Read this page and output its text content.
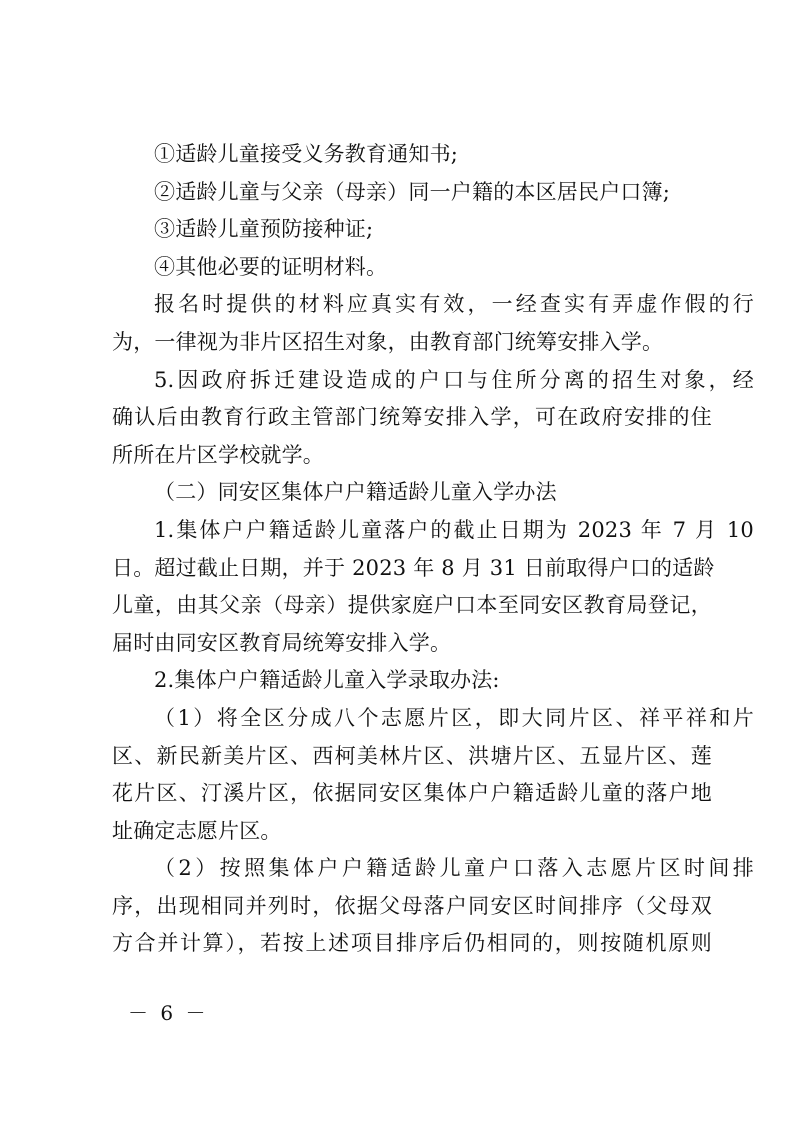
①适龄儿童接受义务教育通知书;
②适龄儿童与父亲（母亲）同一户籍的本区居民户口簿;
③适龄儿童预防接种证;
④其他必要的证明材料。
报名时提供的材料应真实有效，一经查实有弄虚作假的行
为，一律视为非片区招生对象，由教育部门统筹安排入学。
5.因政府拆迁建设造成的户口与住所分离的招生对象，经
确认后由教育行政主管部门统筹安排入学，可在政府安排的住
所所在片区学校就学。
（二）同安区集体户户籍适龄儿童入学办法
1.集体户户籍适龄儿童落户的截止日期为 2023 年 7 月 10
日。超过截止日期，并于 2023 年 8 月 31 日前取得户口的适龄
儿童，由其父亲（母亲）提供家庭户口本至同安区教育局登记，
届时由同安区教育局统筹安排入学。
2.集体户户籍适龄儿童入学录取办法:
（1）将全区分成八个志愿片区，即大同片区、祥平祥和片
区、新民新美片区、西柯美林片区、洪塘片区、五显片区、莲
花片区、汀溪片区，依据同安区集体户户籍适龄儿童的落户地
址确定志愿片区。
（2）按照集体户户籍适龄儿童户口落入志愿片区时间排
序，出现相同并列时，依据父母落户同安区时间排序（父母双
方合并计算），若按上述项目排序后仍相同的，则按随机原则
－ 6 －
